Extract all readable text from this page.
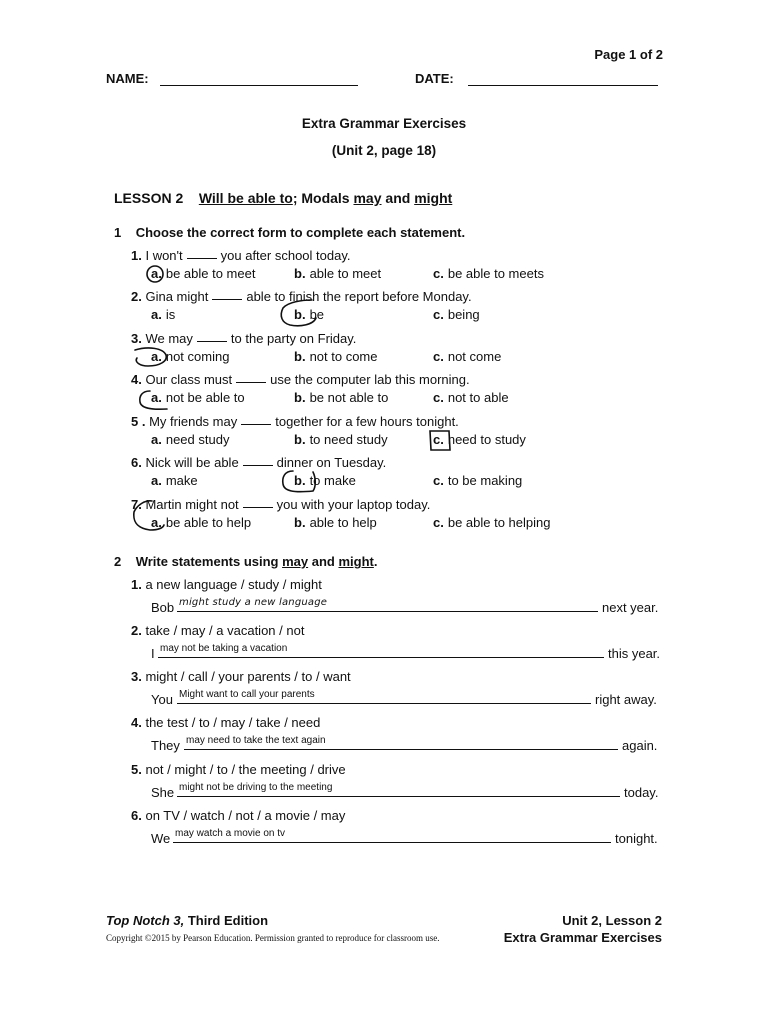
Page 1 of 2
NAME:	DATE:
Extra Grammar Exercises
(Unit 2, page 18)
LESSON 2 Will be able to; Modals may and might
1 Choose the correct form to complete each statement.
1. I won't	you after school today.
a. be able to meet	b. able to meet	c. be able to meets
2. Gina might	able to finish the report before Monday.
a. is	b. be	c. being
3. We may	to the party on Friday.
a. not coming	b. not to come	c. not come
4. Our class must	use the computer lab this morning.
a. not be able to	b. be not able to	c. not to able
5 . My friends may	together for a few hours tonight.
a. need study	b. to need study	c. need to study
6. Nick will be able	dinner on Tuesday.
a. make	b. to make	c. to be making
7. Martin might not	you with your laptop today.
a. be able to help	b. able to help	c. be able to helping
2 Write statements using may and might.
1. a new language / study / might
Bob might study a new language	next year.
2. take / may / a vacation / not
I may not be taking a vacation	this year.
3. might / call / your parents / to / want
You Might want to call your parents	right away.
4. the test / to / may / take / need
They may need to take the text again	again.
5. not / might / to / the meeting / drive
She might not be driving to the meeting	today.
6. on TV / watch / not / a movie / may
We may watch a movie on tv	tonight.
Top Notch 3, Third Edition
Copyright ©2015 by Pearson Education. Permission granted to reproduce for classroom use.
Unit 2, Lesson 2
Extra Grammar Exercises
